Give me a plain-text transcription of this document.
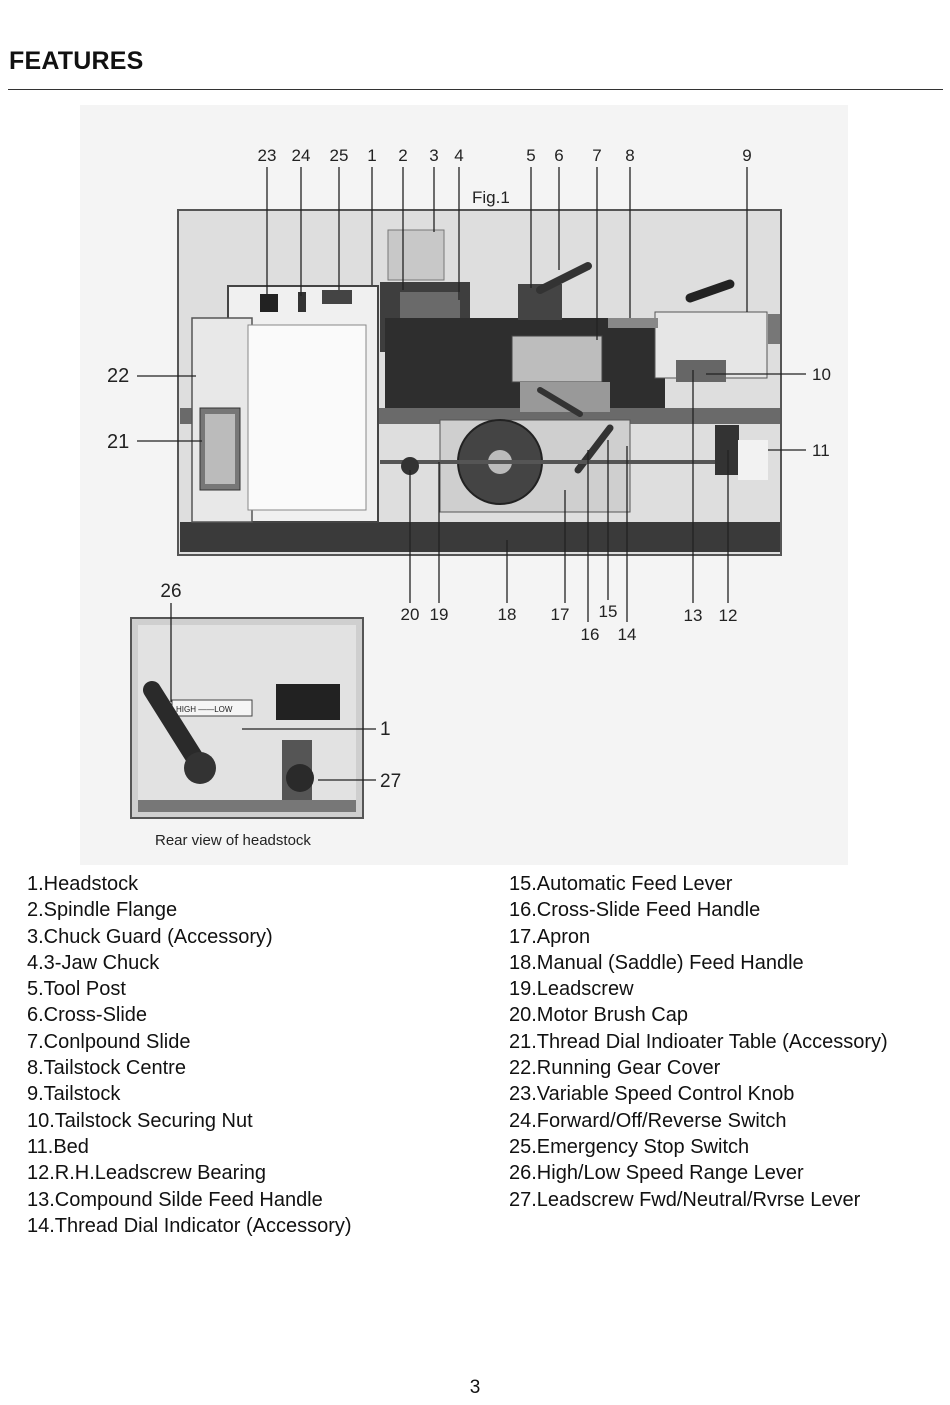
FEATURES
Fig.1
23 24 25 1 2 3 4	5 6 7 8	9
22
21
10
11
20 19	18 17
16
15
14
13 12
HIGH ——LOW
26
1
27
Rear view of headstock
1.Headstock
2.Spindle Flange
3.Chuck Guard (Accessory)
4.3-Jaw Chuck
5.Tool Post
6.Cross-Slide
7.Conlpound Slide
8.Tailstock Centre
9.Tailstock
10.Tailstock Securing Nut
11.Bed
12.R.H.Leadscrew Bearing
13.Compound Silde Feed Handle
14.Thread Dial Indicator (Accessory)
15.Automatic Feed Lever
16.Cross-Slide Feed Handle
17.Apron
18.Manual (Saddle) Feed Handle
19.Leadscrew
20.Motor Brush Cap
21.Thread Dial Indioater Table (Accessory)
22.Running Gear Cover
23.Variable Speed Control Knob
24.Forward/Off/Reverse Switch
25.Emergency Stop Switch
26.High/Low Speed Range Lever
27.Leadscrew Fwd/Neutral/Rvrse Lever
3
